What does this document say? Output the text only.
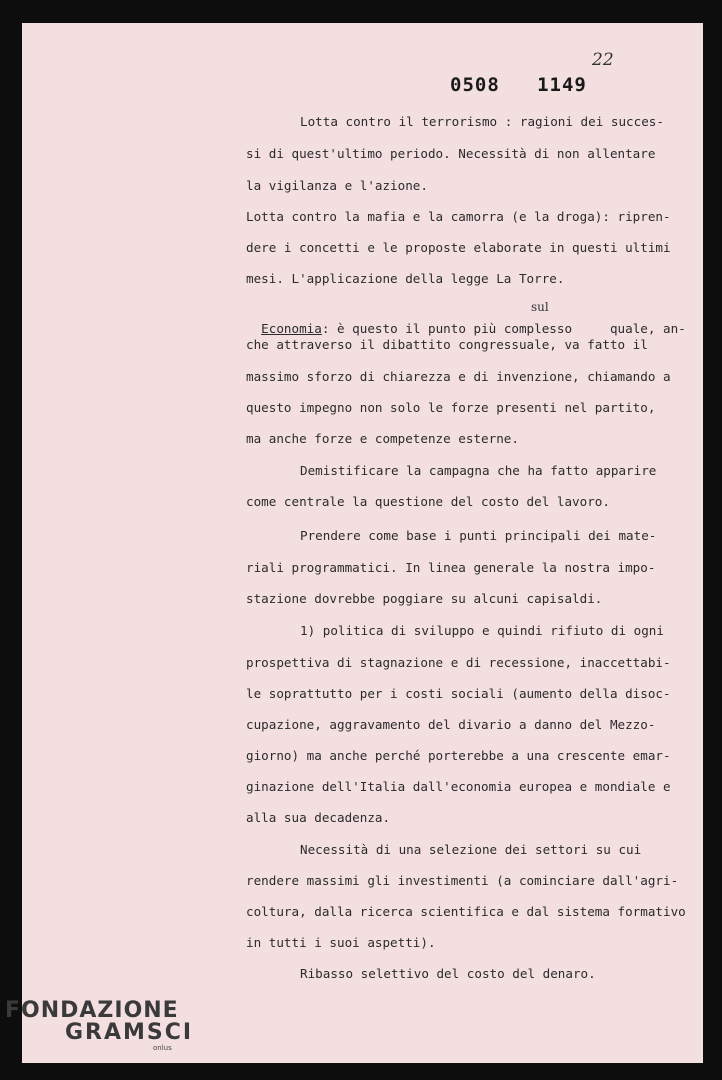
0508   1149
22
Lotta contro il terrorismo : ragioni dei succes-
si di quest'ultimo periodo. Necessità di non allentare
la vigilanza e l'azione.
Lotta contro la mafia e la camorra (e la droga): ripren-
dere i concetti e le proposte elaborate in questi ultimi
mesi. L'applicazione della legge La Torre.

Economia: è questo il punto più complesso     quale, an-

sul
che attraverso il dibattito congressuale, va fatto il
massimo sforzo di chiarezza e di invenzione, chiamando a
questo impegno non solo le forze presenti nel partito,
ma anche forze e competenze esterne.
Demistificare la campagna che ha fatto apparire
come centrale la questione del costo del lavoro.
Prendere come base i punti principali dei mate-
riali programmatici. In linea generale la nostra impo-
stazione dovrebbe poggiare su alcuni capisaldi.
1) politica di sviluppo e quindi rifiuto di ogni
prospettiva di stagnazione e di recessione, inaccettabi-
le soprattutto per i costi sociali (aumento della disoc-
cupazione, aggravamento del divario a danno del Mezzo-
giorno) ma anche perché porterebbe a una crescente emar-
ginazione dell'Italia dall'economia europea e mondiale e
alla sua decadenza.
Necessità di una selezione dei settori su cui
rendere massimi gli investimenti (a cominciare dall'agri-
coltura, dalla ricerca scientifica e dal sistema formativo
in tutti i suoi aspetti).
Ribasso selettivo del costo del denaro.
FONDAZIONE
GRAMSCI
onlus
